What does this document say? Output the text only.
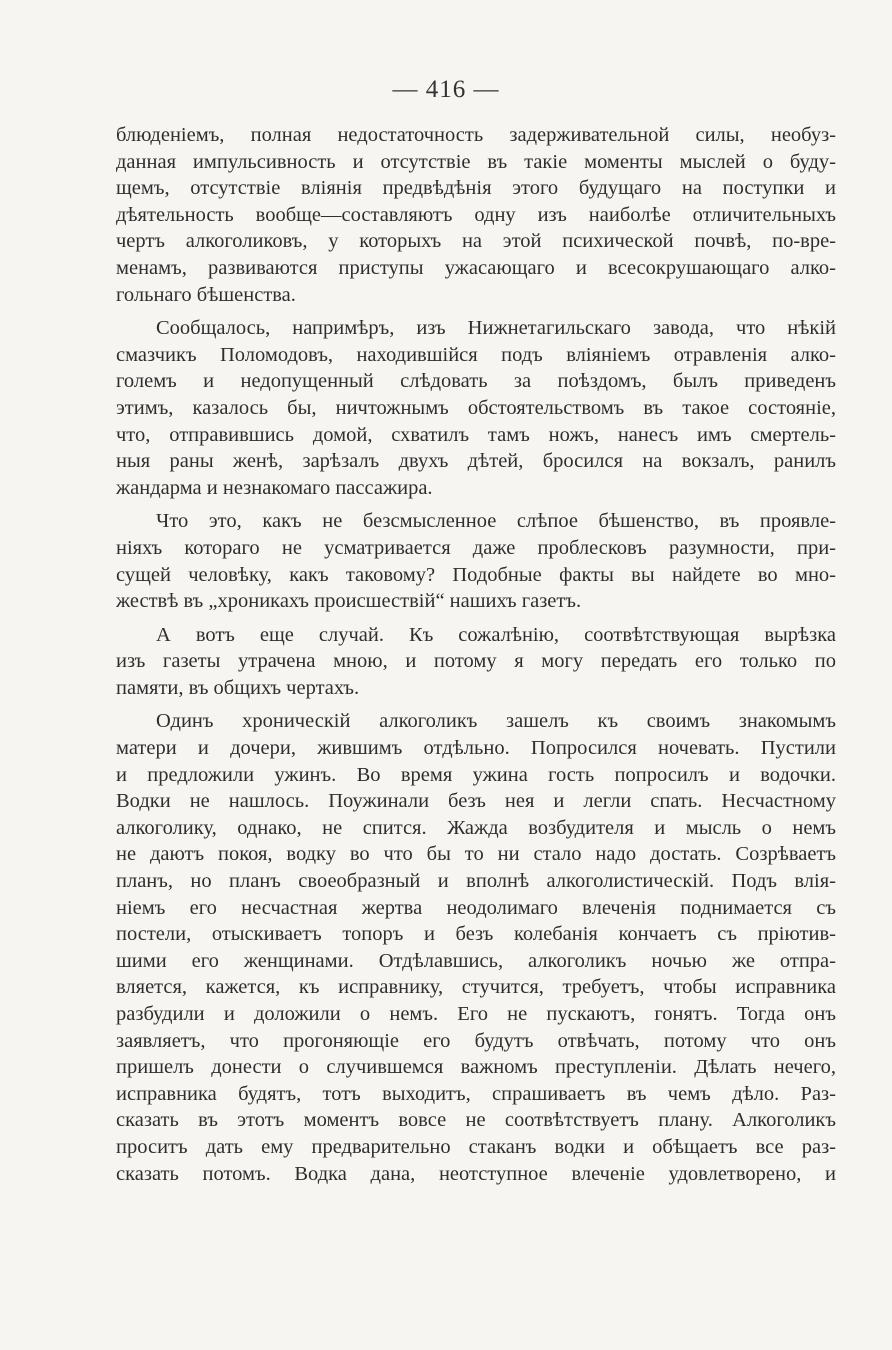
— 416 —

блюденіемъ, полная недостаточность задерживательной силы, необуз-
данная импульсивность и отсутствіе въ такіе моменты мыслей о буду-
щемъ, отсутствіе вліянія предвѣдѣнія этого будущаго на поступки и
дѣятельность вообще—составляютъ одну изъ наиболѣе отличительныхъ
чертъ алкоголиковъ, у которыхъ на этой психической почвѣ, по-вре-
менамъ, развиваются приступы ужасающаго и всесокрушающаго алко-
гольнаго бѣшенства.

Сообщалось, напримѣръ, изъ Нижнетагильскаго завода, что нѣкій
смазчикъ Поломодовъ, находившійся подъ вліяніемъ отравленія алко-
големъ и недопущенный слѣдовать за поѣздомъ, былъ приведенъ
этимъ, казалось бы, ничтожнымъ обстоятельствомъ въ такое состояніе,
что, отправившись домой, схватилъ тамъ ножъ, нанесъ имъ смертель-
ныя раны женѣ, зарѣзалъ двухъ дѣтей, бросился на вокзалъ, ранилъ
жандарма и незнакомаго пассажира.

Что это, какъ не безсмысленное слѣпое бѣшенство, въ проявле-
ніяхъ котораго не усматривается даже проблесковъ разумности, при-
сущей человѣку, какъ таковому? Подобные факты вы найдете во мно-
жествѣ въ „хроникахъ происшествій“ нашихъ газетъ.

А вотъ еще случай. Къ сожалѣнію, соотвѣтствующая вырѣзка
изъ газеты утрачена мною, и потому я могу передать его только по
памяти, въ общихъ чертахъ.

Одинъ хроническій алкоголикъ зашелъ къ своимъ знакомымъ
матери и дочери, жившимъ отдѣльно. Попросился ночевать. Пустили
и предложили ужинъ. Во время ужина гость попросилъ и водочки.
Водки не нашлось. Поужинали безъ нея и легли спать. Несчастному
алкоголику, однако, не спится. Жажда возбудителя и мысль о немъ
не даютъ покоя, водку во что бы то ни стало надо достать. Созрѣваетъ
планъ, но планъ своеобразный и вполнѣ алкоголистическій. Подъ влія-
ніемъ его несчастная жертва неодолимаго влеченія поднимается съ
постели, отыскиваетъ топоръ и безъ колебанія кончаетъ съ пріютив-
шими его женщинами. Отдѣлавшись, алкоголикъ ночью же отпра-
вляется, кажется, къ исправнику, стучится, требуетъ, чтобы исправника
разбудили и доложили о немъ. Его не пускаютъ, гонятъ. Тогда онъ
заявляетъ, что прогоняющіе его будутъ отвѣчать, потому что онъ
пришелъ донести о случившемся важномъ преступленіи. Дѣлать нечего,
исправника будятъ, тотъ выходитъ, спрашиваетъ въ чемъ дѣло. Раз-
сказать въ этотъ моментъ вовсе не соотвѣтствуетъ плану. Алкоголикъ
проситъ дать ему предварительно стаканъ водки и обѣщаетъ все раз-
сказать потомъ. Водка дана, неотступное влеченіе удовлетворено, и
